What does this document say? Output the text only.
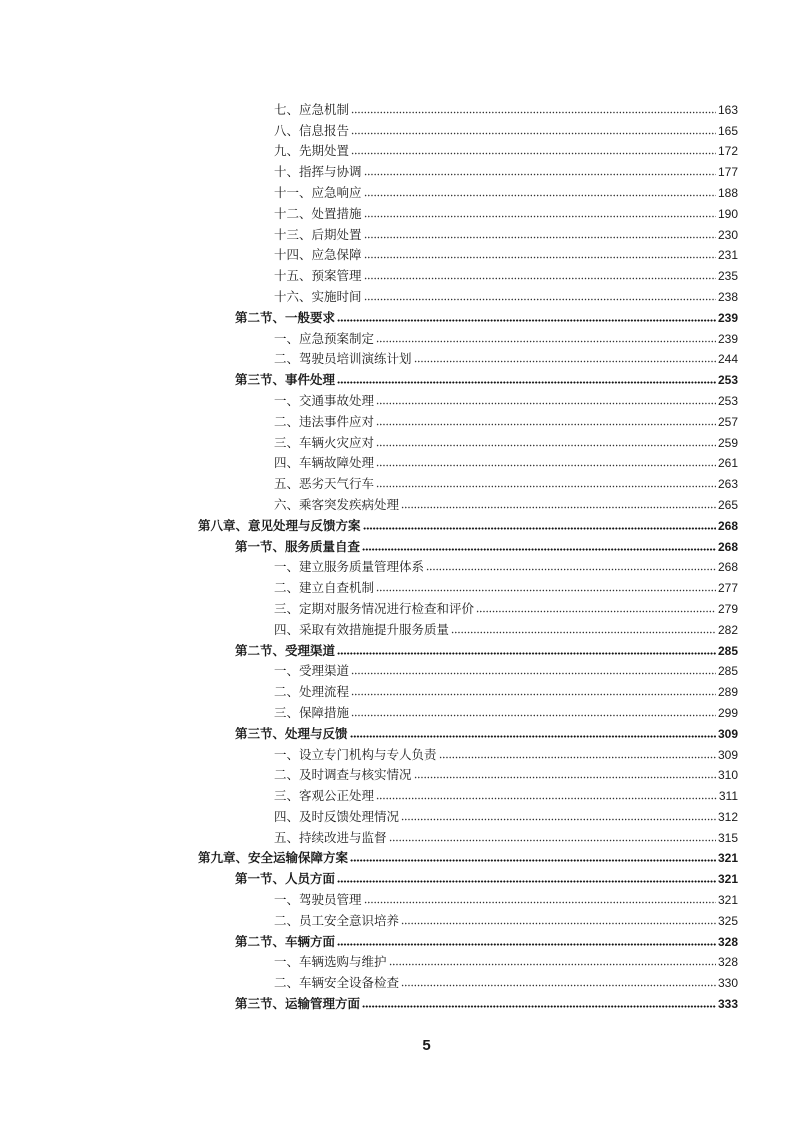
七、应急机制	163
八、信息报告	165
九、先期处置	172
十、指挥与协调	177
十一、应急响应	188
十二、处置措施	190
十三、后期处置	230
十四、应急保障	231
十五、预案管理	235
十六、实施时间	238
第二节、一般要求	239
一、应急预案制定	239
二、驾驶员培训演练计划	244
第三节、事件处理	253
一、交通事故处理	253
二、违法事件应对	257
三、车辆火灾应对	259
四、车辆故障处理	261
五、恶劣天气行车	263
六、乘客突发疾病处理	265
第八章、意见处理与反馈方案	268
第一节、服务质量自查	268
一、建立服务质量管理体系	268
二、建立自查机制	277
三、定期对服务情况进行检查和评价	279
四、采取有效措施提升服务质量	282
第二节、受理渠道	285
一、受理渠道	285
二、处理流程	289
三、保障措施	299
第三节、处理与反馈	309
一、设立专门机构与专人负责	309
二、及时调查与核实情况	310
三、客观公正处理	311
四、及时反馈处理情况	312
五、持续改进与监督	315
第九章、安全运输保障方案	321
第一节、人员方面	321
一、驾驶员管理	321
二、员工安全意识培养	325
第二节、车辆方面	328
一、车辆选购与维护	328
二、车辆安全设备检查	330
第三节、运输管理方面	333
5
